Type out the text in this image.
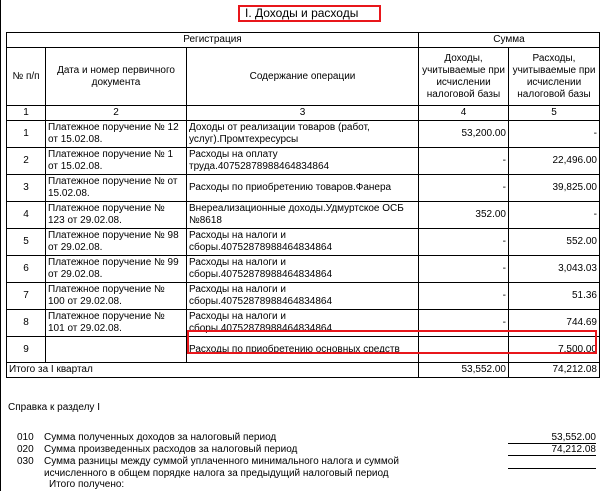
I. Доходы и расходы
Регистрация			Сумма	
№ п/п	Дата и номер первичного документа	Содержание операции	Доходы, учитываемые при исчислении налоговой базы	Расходы, учитываемые при исчислении налоговой базы
1	2	3	4	5
1	Платежное поручение № 12 от 15.02.08.	Доходы от реализации товаров (работ, услуг).Промтехресурсы	53,200.00	-
2	Платежное поручение № 1 от 15.02.08.	Расходы на оплату труда.40752878988464834864	-	22,496.00
3	Платежное поручение № от 15.02.08.	Расходы по приобретению товаров.Фанера	-	39,825.00
4	Платежное поручение № 123 от 29.02.08.	Внереализационные доходы.Удмуртское ОСБ №8618	352.00	-
5	Платежное поручение № 98 от 29.02.08.	Расходы на налоги и сборы.40752878988464834864	-	552.00
6	Платежное поручение № 99 от 29.02.08.	Расходы на налоги и сборы.40752878988464834864	-	3,043.03
7	Платежное поручение № 100 от 29.02.08.	Расходы на налоги и сборы.40752878988464834864	-	51.36
8	Платежное поручение № 101 от 29.02.08.	Расходы на налоги и сборы.40752878988464834864	-	744.69
9		Расходы по приобретению основных средств		7,500.00
Итого за I квартал			53,552.00	74,212.08
Справка к разделу I
010 Сумма полученных доходов за налоговый период	53,552.00
020 Сумма произведенных расходов за налоговый период	74,212.08
030 Сумма разницы между суммой уплаченного минимального налога и суммой
исчисленного в общем порядке налога за предыдущий налоговый период
Итого получено:
